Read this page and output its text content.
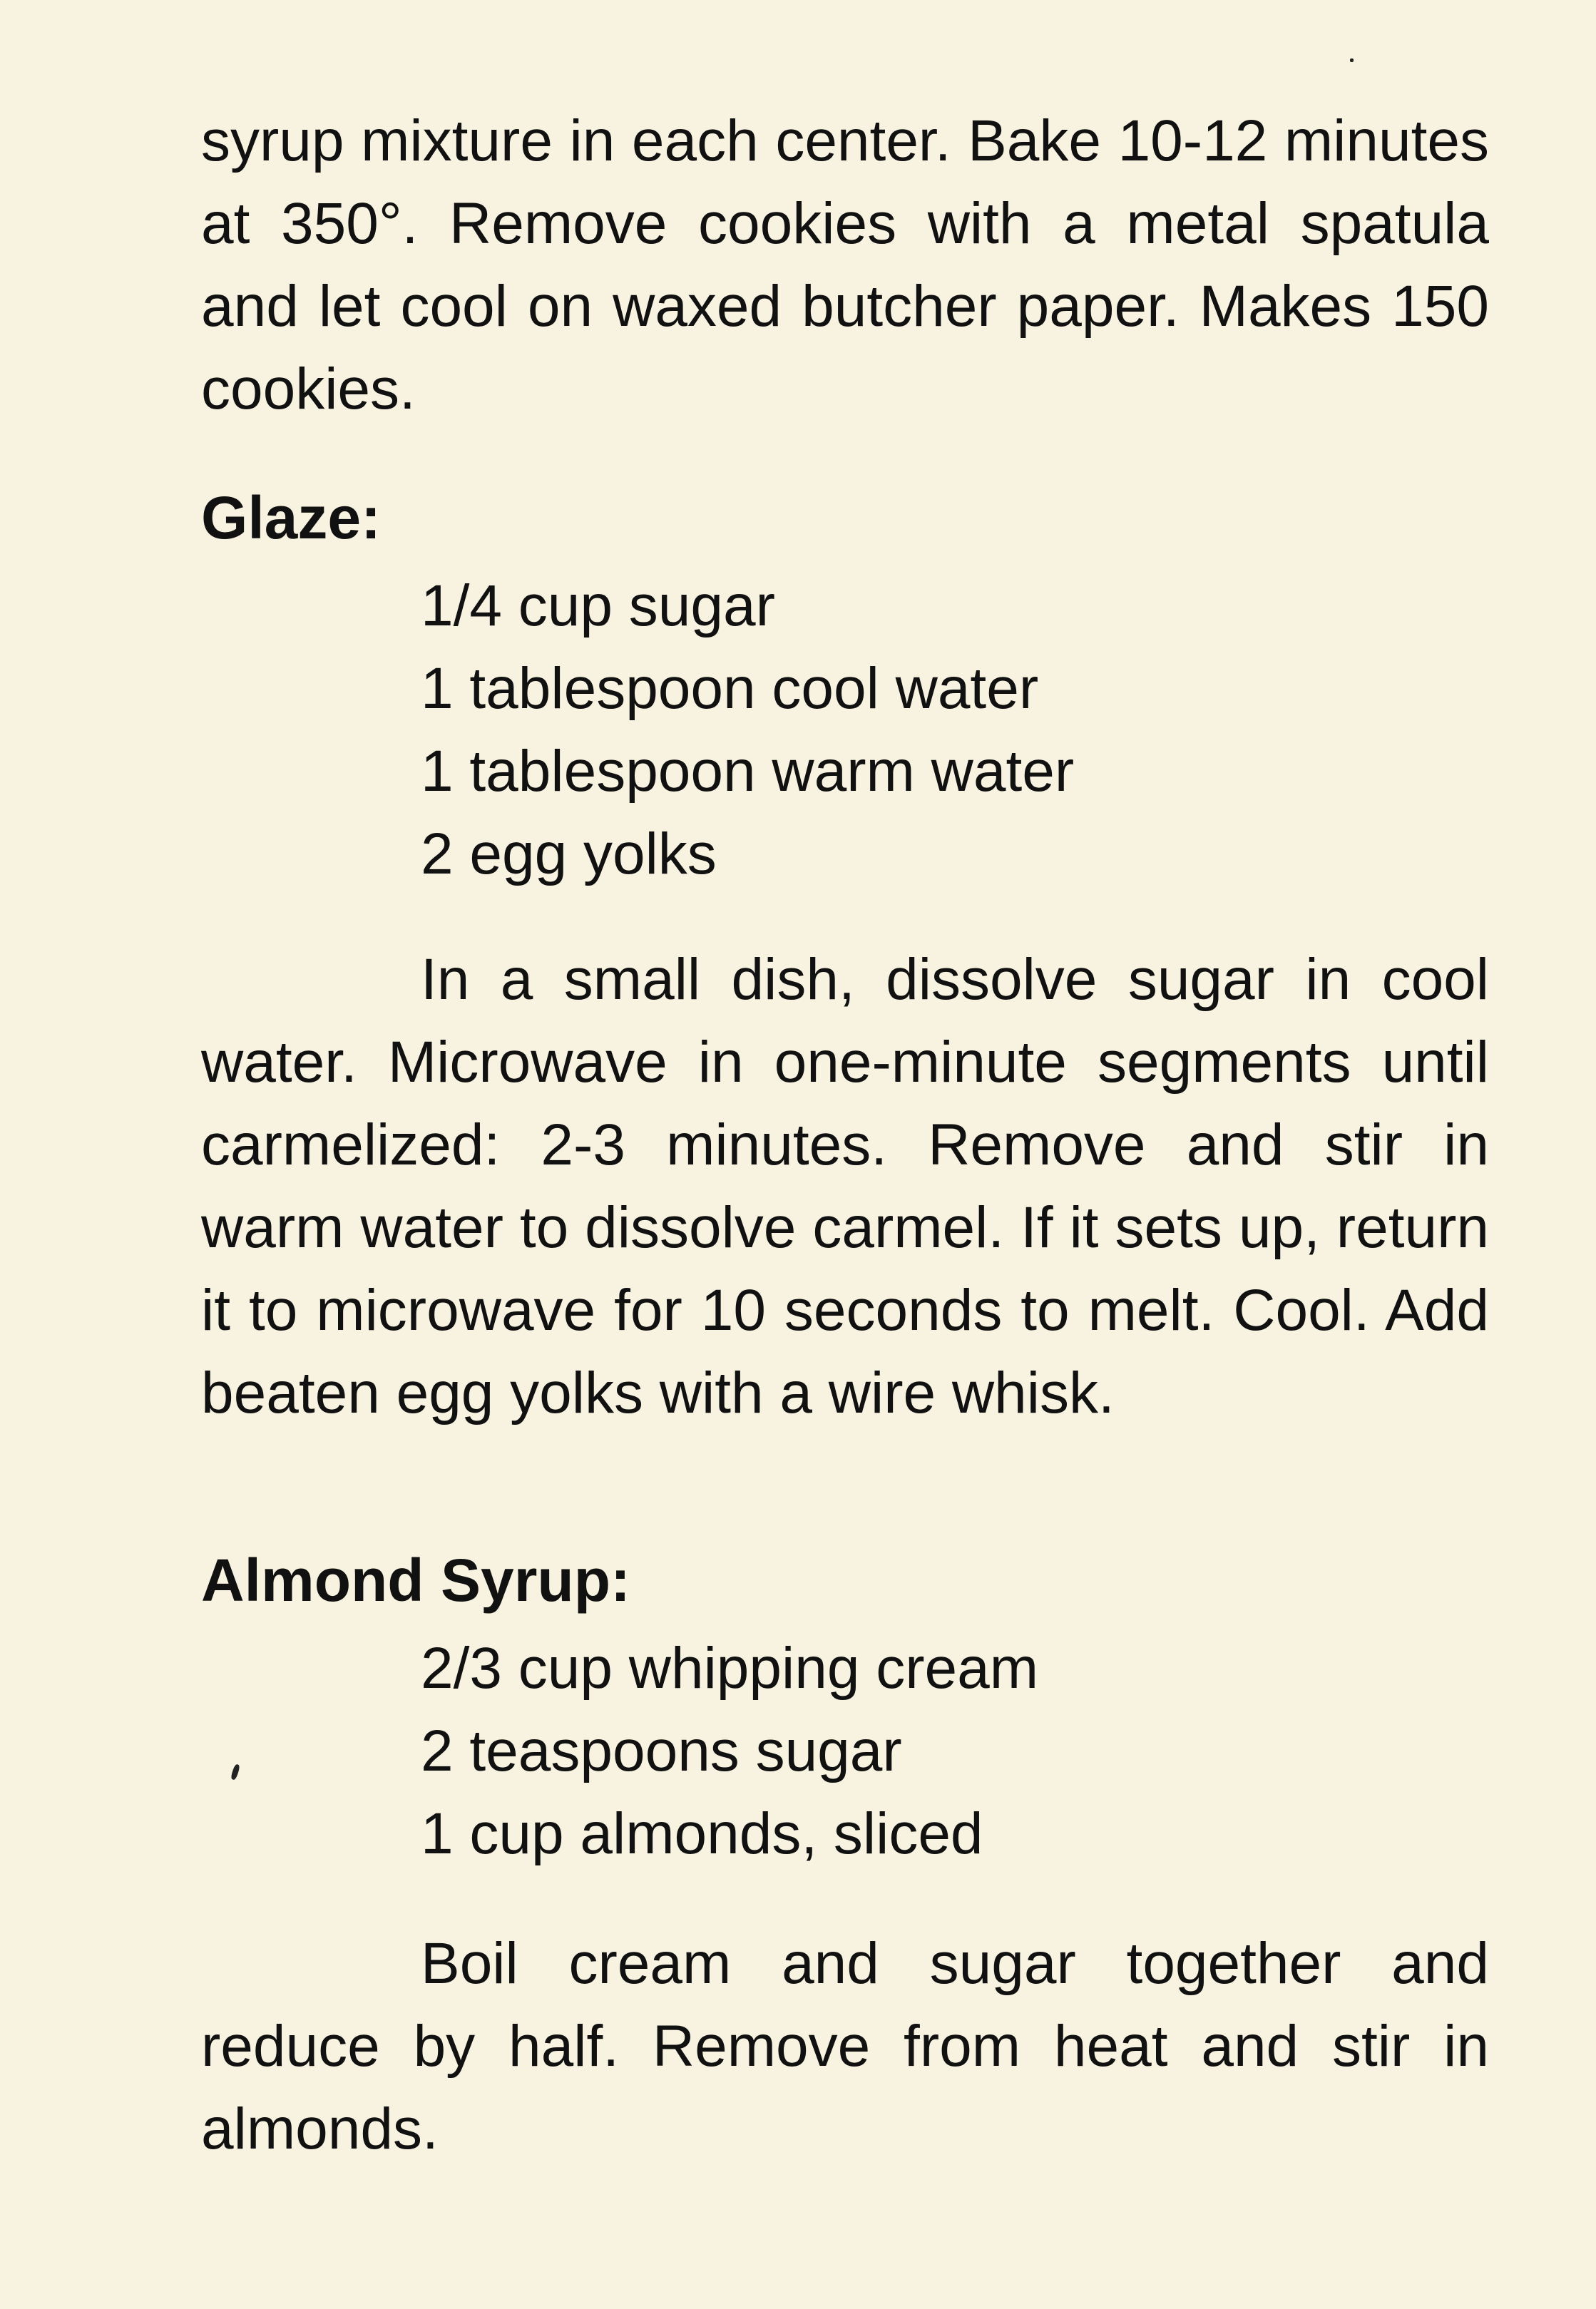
syrup mixture in each center. Bake 10-12 minutes at 350°. Remove cookies with a metal spatula and let cool on waxed butcher paper. Makes 150 cookies.

Glaze:
1/4 cup sugar
1 tablespoon cool water
1 tablespoon warm water
2 egg yolks

In a small dish, dissolve sugar in cool water. Microwave in one-minute segments until carmelized: 2-3 minutes. Remove and stir in warm water to dissolve carmel. If it sets up, return it to microwave for 10 seconds to melt. Cool. Add beaten egg yolks with a wire whisk.

Almond Syrup:
2/3 cup whipping cream
2 teaspoons sugar
1 cup almonds, sliced

Boil cream and sugar together and reduce by half. Remove from heat and stir in almonds.
